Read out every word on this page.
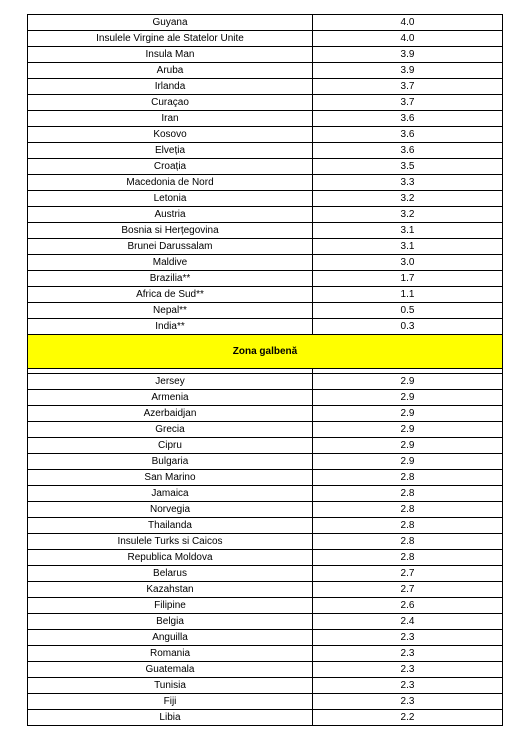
Guyana	4.0
Insulele Virgine ale Statelor Unite	4.0
Insula Man	3.9
Aruba	3.9
Irlanda	3.7
Curaçao	3.7
Iran	3.6
Kosovo	3.6
Elveția	3.6
Croația	3.5
Macedonia de Nord	3.3
Letonia	3.2
Austria	3.2
Bosnia si Herțegovina	3.1
Brunei Darussalam	3.1
Maldive	3.0
Brazilia**	1.7
Africa de Sud**	1.1
Nepal**	0.5
India**	0.3
Zona galbenă	

Jersey	2.9
Armenia	2.9
Azerbaidjan	2.9
Grecia	2.9
Cipru	2.9
Bulgaria	2.9
San Marino	2.8
Jamaica	2.8
Norvegia	2.8
Thailanda	2.8
Insulele Turks si Caicos	2.8
Republica Moldova	2.8
Belarus	2.7
Kazahstan	2.7
Filipine	2.6
Belgia	2.4
Anguilla	2.3
Romania	2.3
Guatemala	2.3
Tunisia	2.3
Fiji	2.3
Libia	2.2
